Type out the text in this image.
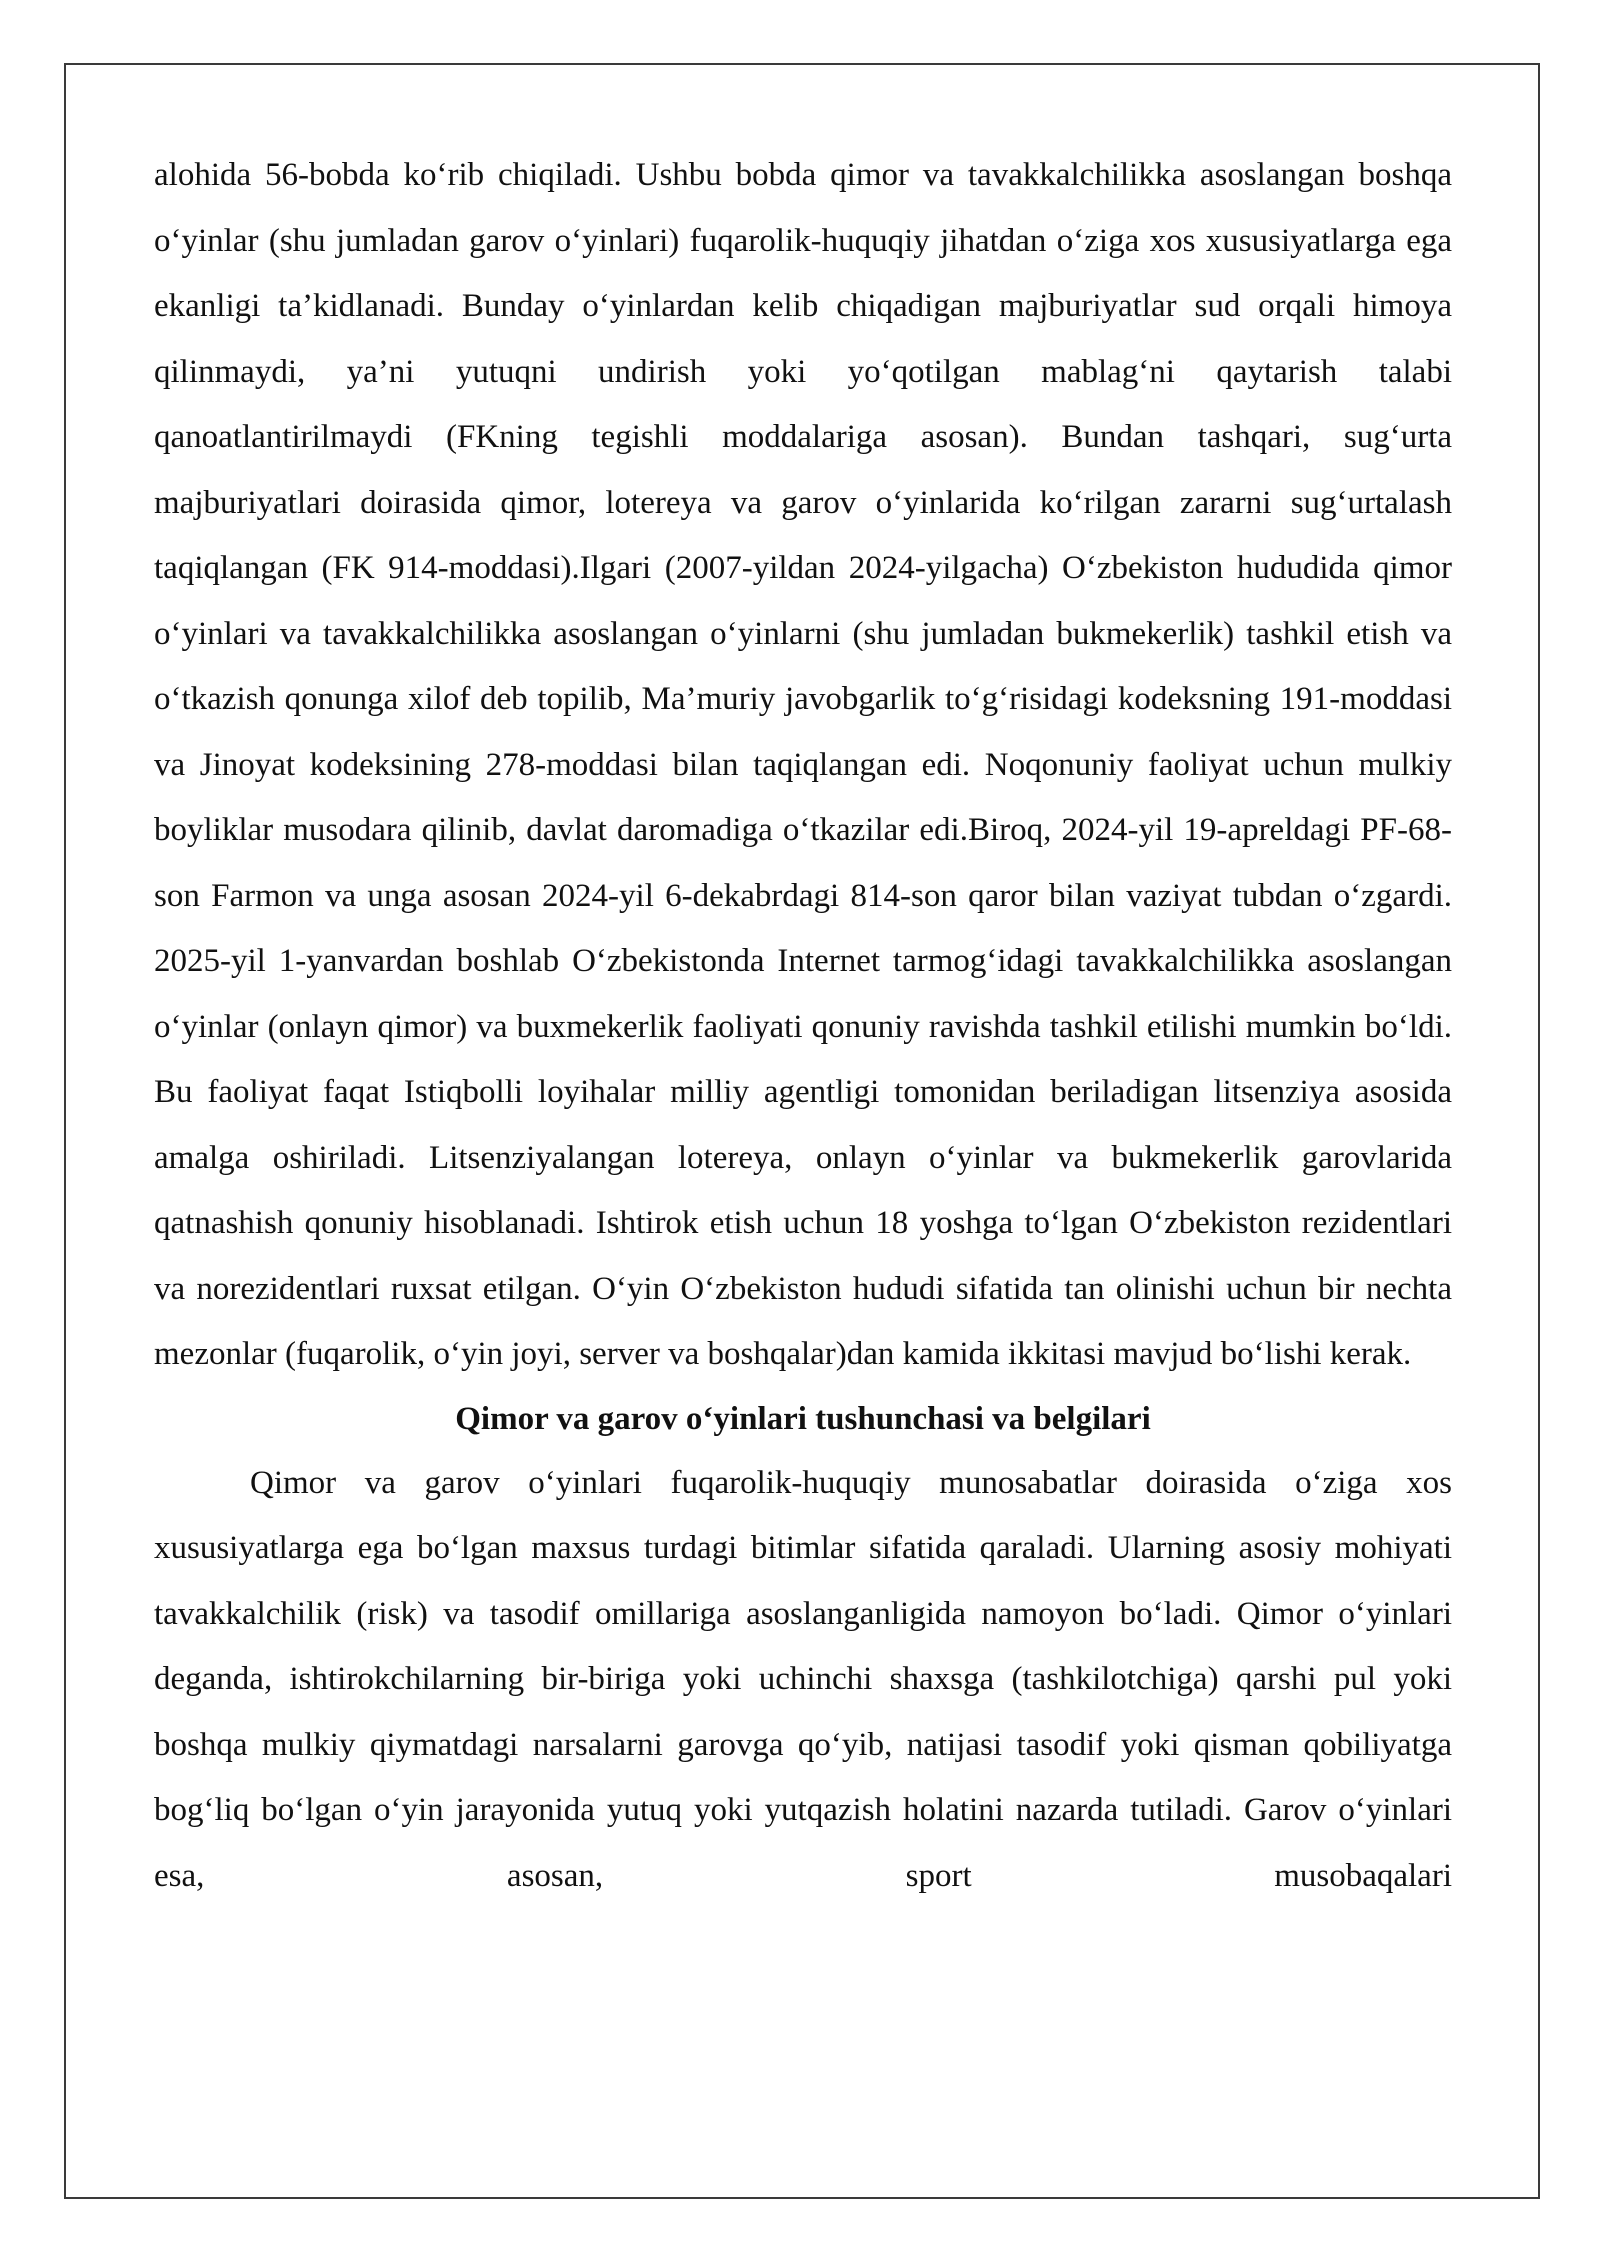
alohida 56-bobda ko‘rib chiqiladi. Ushbu bobda qimor va tavakkalchilikka asoslangan boshqa o‘yinlar (shu jumladan garov o‘yinlari) fuqarolik-huquqiy jihatdan o‘ziga xos xususiyatlarga ega ekanligi ta’kidlanadi. Bunday o‘yinlardan kelib chiqadigan majburiyatlar sud orqali himoya qilinmaydi, ya’ni yutuqni undirish yoki yo‘qotilgan mablag‘ni qaytarish talabi qanoatlantirilmaydi (FKning tegishli moddalariga asosan). Bundan tashqari, sug‘urta majburiyatlari doirasida qimor, lotereya va garov o‘yinlarida ko‘rilgan zararni sug‘urtalash taqiqlangan (FK 914-moddasi).Ilgari (2007-yildan 2024-yilgacha) O‘zbekiston hududida qimor o‘yinlari va tavakkalchilikka asoslangan o‘yinlarni (shu jumladan bukmekerlik) tashkil etish va o‘tkazish qonunga xilof deb topilib, Ma’muriy javobgarlik to‘g‘risidagi kodeksning 191-moddasi va Jinoyat kodeksining 278-moddasi bilan taqiqlangan edi. Noqonuniy faoliyat uchun mulkiy boyliklar musodara qilinib, davlat daromadiga o‘tkazilar edi.Biroq, 2024-yil 19-apreldagi PF-68-son Farmon va unga asosan 2024-yil 6-dekabrdagi 814-son qaror bilan vaziyat tubdan o‘zgardi. 2025-yil 1-yanvardan boshlab O‘zbekistonda Internet tarmog‘idagi tavakkalchilikka asoslangan o‘yinlar (onlayn qimor) va buxmekerlik faoliyati qonuniy ravishda tashkil etilishi mumkin bo‘ldi. Bu faoliyat faqat Istiqbolli loyihalar milliy agentligi tomonidan beriladigan litsenziya asosida amalga oshiriladi. Litsenziyalangan lotereya, onlayn o‘yinlar va bukmekerlik garovlarida qatnashish qonuniy hisoblanadi. Ishtirok etish uchun 18 yoshga to‘lgan O‘zbekiston rezidentlari va norezidentlari ruxsat etilgan. O‘yin O‘zbekiston hududi sifatida tan olinishi uchun bir nechta mezonlar (fuqarolik, o‘yin joyi, server va boshqalar)dan kamida ikkitasi mavjud bo‘lishi kerak.

Qimor va garov o‘yinlari tushunchasi va belgilari

Qimor va garov o‘yinlari fuqarolik-huquqiy munosabatlar doirasida o‘ziga xos xususiyatlarga ega bo‘lgan maxsus turdagi bitimlar sifatida qaraladi. Ularning asosiy mohiyati tavakkalchilik (risk) va tasodif omillariga asoslanganligida namoyon bo‘ladi. Qimor o‘yinlari deganda, ishtirokchilarning bir-biriga yoki uchinchi shaxsga (tashkilotchiga) qarshi pul yoki boshqa mulkiy qiymatdagi narsalarni garovga qo‘yib, natijasi tasodif yoki qisman qobiliyatga bog‘liq bo‘lgan o‘yin jarayonida yutuq yoki yutqazish holatini nazarda tutiladi. Garov o‘yinlari esa, asosan, sport musobaqalari
